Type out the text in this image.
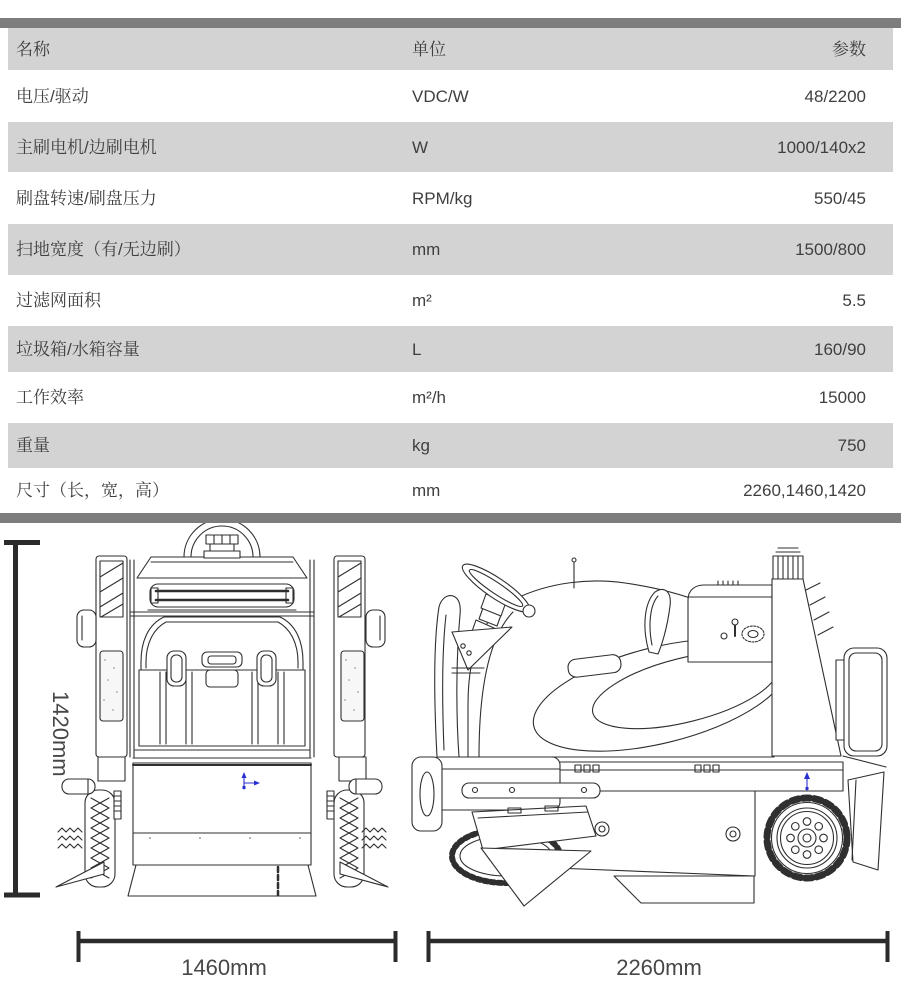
名称	单位	参数
电压/驱动	VDC/W	48/2200
主刷电机/边刷电机	W	1000/140x2
刷盘转速/刷盘压力	RPM/kg	550/45
扫地宽度（有/无边刷）	mm	1500/800
过滤网面积	m²	5.5
垃圾箱/水箱容量	L	160/90
工作效率	m²/h	15000
重量	kg	750
尺寸（长，宽，高）	mm	2260,1460,1420
1420mm
1460mm	2260mm
